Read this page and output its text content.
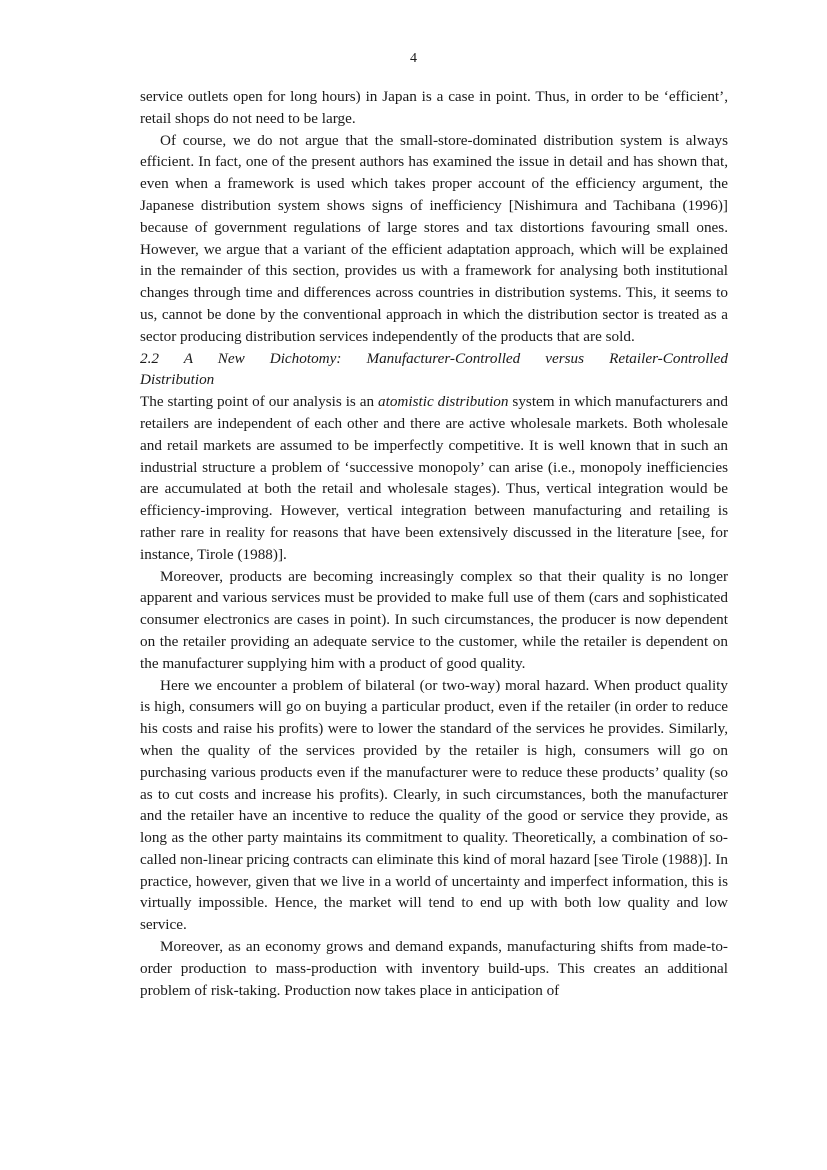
4

service outlets open for long hours) in Japan is a case in point. Thus, in order to be ‘efficient’, retail shops do not need to be large.

Of course, we do not argue that the small-store-dominated distribution system is always efficient. In fact, one of the present authors has examined the issue in detail and has shown that, even when a framework is used which takes proper account of the efficiency argument, the Japanese distribution system shows signs of inefficiency [Nishimura and Tachibana (1996)] because of government regulations of large stores and tax distortions favouring small ones. However, we argue that a variant of the efficient adaptation approach, which will be explained in the remainder of this section, provides us with a framework for analysing both institutional changes through time and differences across countries in distribution systems. This, it seems to us, cannot be done by the conventional approach in which the distribution sector is treated as a sector producing distribution services independently of the products that are sold.

2.2 A New Dichotomy: Manufacturer-Controlled versus Retailer-Controlled
Distribution

The starting point of our analysis is an atomistic distribution system in which manufacturers and retailers are independent of each other and there are active wholesale markets. Both wholesale and retail markets are assumed to be imperfectly competitive. It is well known that in such an industrial structure a problem of ‘successive monopoly’ can arise (i.e., monopoly inefficiencies are accumulated at both the retail and wholesale stages). Thus, vertical integration would be efficiency-improving. However, vertical integration between manufacturing and retailing is rather rare in reality for reasons that have been extensively discussed in the literature [see, for instance, Tirole (1988)].

Moreover, products are becoming increasingly complex so that their quality is no longer apparent and various services must be provided to make full use of them (cars and sophisticated consumer electronics are cases in point). In such circumstances, the producer is now dependent on the retailer providing an adequate service to the customer, while the retailer is dependent on the manufacturer supplying him with a product of good quality.

Here we encounter a problem of bilateral (or two-way) moral hazard. When product quality is high, consumers will go on buying a particular product, even if the retailer (in order to reduce his costs and raise his profits) were to lower the standard of the services he provides. Similarly, when the quality of the services provided by the retailer is high, consumers will go on purchasing various products even if the manufacturer were to reduce these products’ quality (so as to cut costs and increase his profits). Clearly, in such circumstances, both the manufacturer and the retailer have an incentive to reduce the quality of the good or service they provide, as long as the other party maintains its commitment to quality. Theoretically, a combination of so-called non-linear pricing contracts can eliminate this kind of moral hazard [see Tirole (1988)]. In practice, however, given that we live in a world of uncertainty and imperfect information, this is virtually impossible. Hence, the market will tend to end up with both low quality and low service.

Moreover, as an economy grows and demand expands, manufacturing shifts from made-to-order production to mass-production with inventory build-ups. This creates an additional problem of risk-taking. Production now takes place in anticipation of
